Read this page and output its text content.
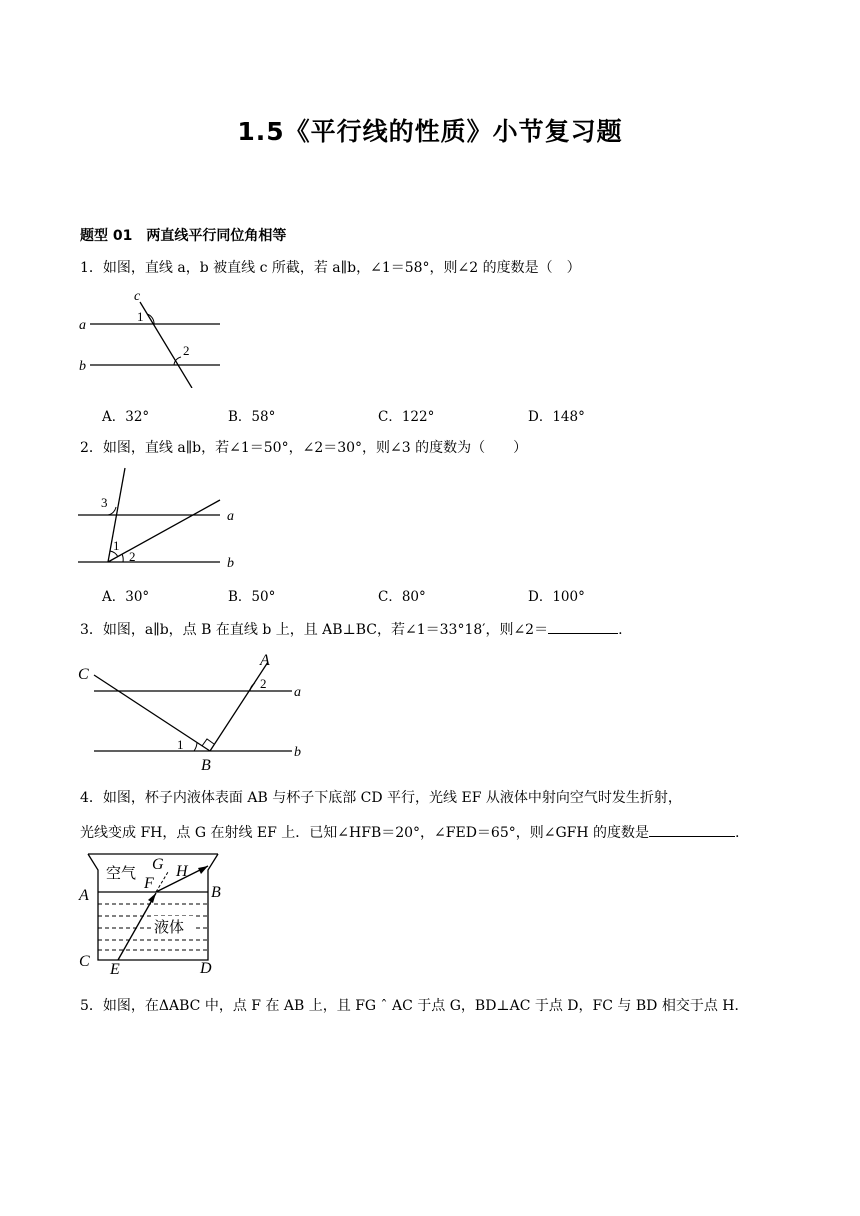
1.5《平行线的性质》小节复习题
题型 01　两直线平行同位角相等
1．如图，直线 a，b 被直线 c 所截，若 a∥b，∠1＝58°，则∠2 的度数是（　）
a
b
c
1
2
A．32°	B．58°	C．122°	D．148°
2．如图，直线 a∥b，若∠1＝50°，∠2＝30°，则∠3 的度数为（　　）
a
b
1
2
3
A．30°	B．50°	C．80°	D．100°
3．如图，a∥b，点 B 在直线 b 上，且 AB⊥BC，若∠1＝33°18′，则∠2＝	.
C
A
B
a
b
1
2
4．如图，杯子内液体表面 AB 与杯子下底部 CD 平行，光线 EF 从液体中射向空气时发生折射，
光线变成 FH，点 G 在射线 EF 上．已知∠HFB＝20°，∠FED＝65°，则∠GFH 的度数是	.
空气
液体
A	B
C	D
E
F
G H
5．如图，在ΔABC 中，点 F 在 AB 上，且 FG ˆ AC 于点 G，BD⊥AC 于点 D，FC 与 BD 相交于点 H．
